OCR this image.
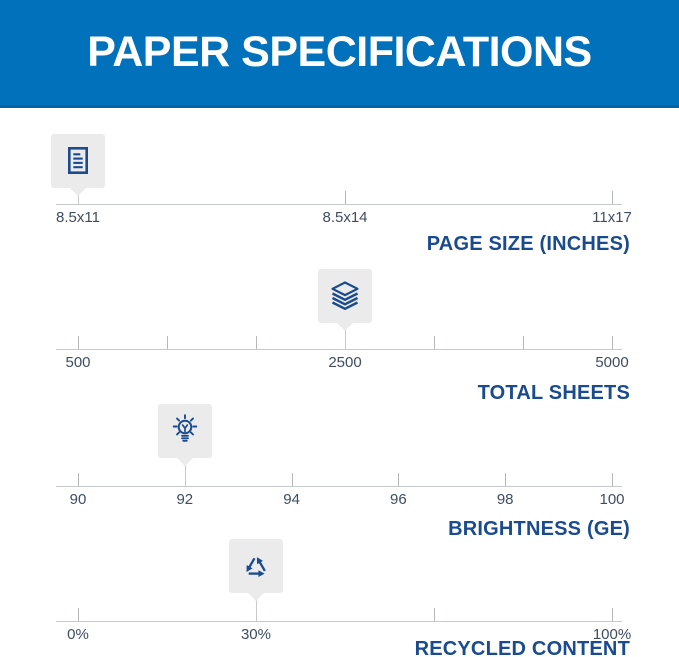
PAPER SPECIFICATIONS
PAGE SIZE (INCHES)
8.5x11	8.5x14	11x17
TOTAL SHEETS
500	2500	5000
BRIGHTNESS (GE)
90	92	94	96	98	100
RECYCLED CONTENT
0%	30%	100%
